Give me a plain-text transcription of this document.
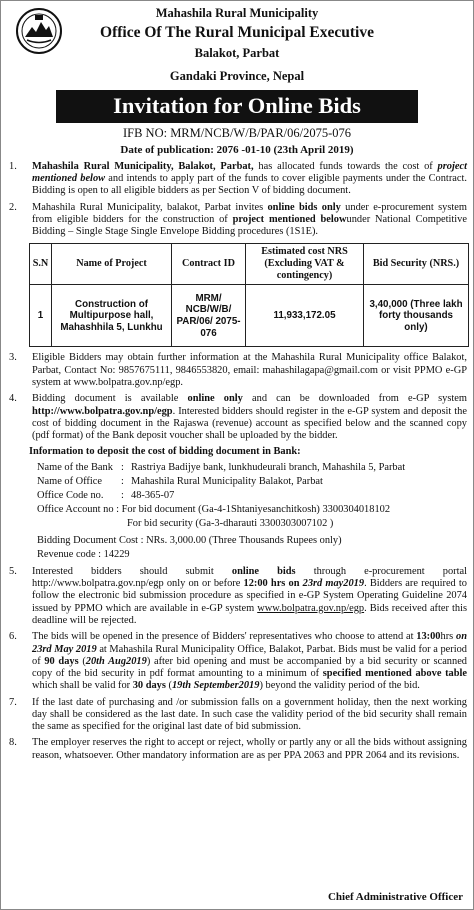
Mahashila Rural Municipality
Office Of The Rural Municipal Executive
Balakot, Parbat
Gandaki Province, Nepal
Invitation for Online Bids
IFB NO: MRM/NCB/W/B/PAR/06/2075-076
Date of publication: 2076 -01-10 (23th April 2019)
1.	Mahashila Rural Municipality, Balakot, Parbat, has allocated funds towards the cost of project mentioned below and intends to apply part of the funds to cover eligible payments under the Contract. Bidding is open to all eligible bidders as per Section V of bidding document.
2.	Mahashila Rural Municipality, balakot, Parbat invites online bids only under e-procurement system from eligible bidders for the construction of project mentioned belowunder National Competitive Bidding – Single Stage Single Envelope Bidding procedures (1S1E).
S.N	Name of Project	Contract ID	Estimated cost NRS (Excluding VAT & contingency)	Bid Security (NRS.)
1	Construction of Multipurpose hall, Mahashhila 5, Lunkhu	MRM/ NCB/W/B/ PAR/06/ 2075-076	11,933,172.05	3,40,000 (Three lakh forty thousands only)
3.	Eligible Bidders may obtain further information at the Mahashila Rural Municipality office Balakot, Parbat, Contact No: 9857675111, 9846553820, email: mahashilagapa@gmail.com or visit PPMO e-GP system at www.bolpatra.gov.np/egp.
4.	Bidding document is available online only and can be downloaded from e-GP system http://www.bolpatra.gov.np/egp. Interested bidders should register in the e-GP system and deposit the cost of bidding document in the Rajaswa (revenue) account as specified below and the scanned copy (pdf format) of the Bank deposit voucher shall be uploaded by the bidder.
Information to deposit the cost of bidding document in Bank:
Name of the Bank : Rastriya Badijye bank, lunkhudeurali branch, Mahashila 5, Parbat
Name of Office	: Mahashila Rural Municipality Balakot, Parbat
Office Code no.	: 48-365-07
Office Account no : For bid document (Ga-4-1Shtaniyesanchitkosh) 3300304018102
For bid security (Ga-3-dharauti 3300303007102 )
Bidding Document Cost : NRs. 3,000.00 (Three Thousands Rupees only)
Revenue code : 14229
5.	Interested bidders should submit online bids through e-procurement portal http://www.bolpatra.gov.np/egp only on or before 12:00 hrs on 23rd may2019. Bidders are required to follow the electronic bid submission procedure as specified in e-GP System Operating Guideline 2074 issued by PPMO which are available in e-GP system www.bolpatra.gov.np/egp. Bids received after this deadline will be rejected.
6.	The bids will be opened in the presence of Bidders' representatives who choose to attend at 13:00hrs on 23rd May 2019 at Mahashila Rural Municipality Office, Balakot, Parbat. Bids must be valid for a period of 90 days (20th Aug2019) after bid opening and must be accompanied by a bid security or scanned copy of the bid security in pdf format amounting to a minimum of specified mentioned above table which shall be valid for 30 days (19th September2019) beyond the validity period of the bid.
7.	If the last date of purchasing and /or submission falls on a government holiday, then the next working day shall be considered as the last date. In such case the validity period of the bid security shall remain the same as specified for the original last date of bid submission.
8.	The employer reserves the right to accept or reject, wholly or partly any or all the bids without assigning reason, whatsoever. Other mandatory information are as per PPA 2063 and PPR 2064 and its revisions.
Chief Administrative Officer
